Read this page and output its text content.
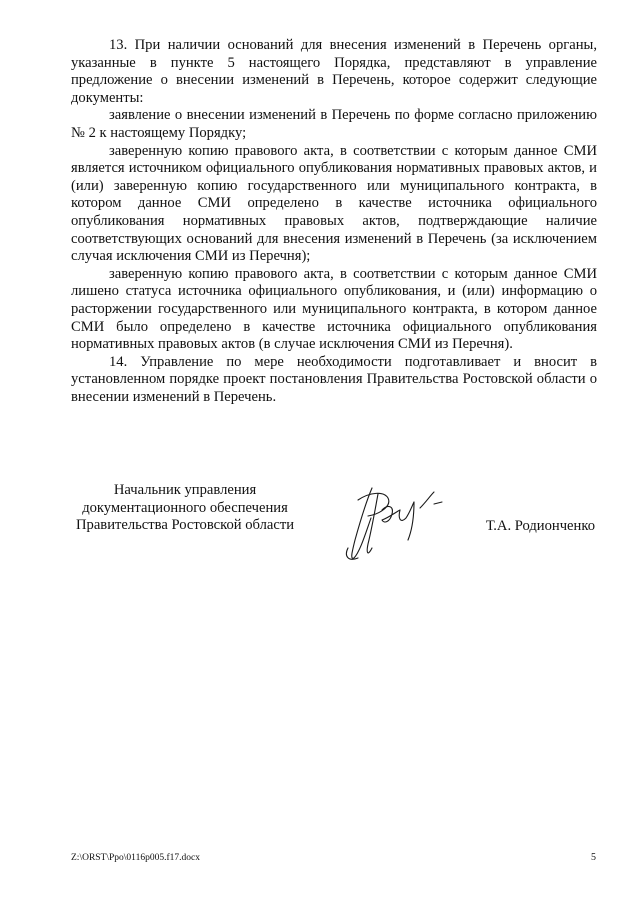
13. При наличии оснований для внесения изменений в Перечень органы, указанные в пункте 5 настоящего Порядка, представляют в управление предложение о внесении изменений в Перечень, которое содержит следующие документы:

заявление о внесении изменений в Перечень по форме согласно приложению № 2 к настоящему Порядку;

заверенную копию правового акта, в соответствии с которым данное СМИ является источником официального опубликования нормативных правовых актов, и (или) заверенную копию государственного или муниципального контракта, в котором данное СМИ определено в качестве источника официального опубликования нормативных правовых актов, подтверждающие наличие соответствующих оснований для внесения изменений в Перечень (за исключением случая исключения СМИ из Перечня);

заверенную копию правового акта, в соответствии с которым данное СМИ лишено статуса источника официального опубликования, и (или) информацию о расторжении государственного или муниципального контракта, в котором данное СМИ было определено в качестве источника официального опубликования нормативных правовых актов (в случае исключения СМИ из Перечня).

14. Управление по мере необходимости подготавливает и вносит в установленном порядке проект постановления Правительства Ростовской области о внесении изменений в Перечень.

Начальник управления
документационного обеспечения
Правительства Ростовской области	Т.А. Родионченко
Z:\ORST\Ppo\0116p005.f17.docx	5
